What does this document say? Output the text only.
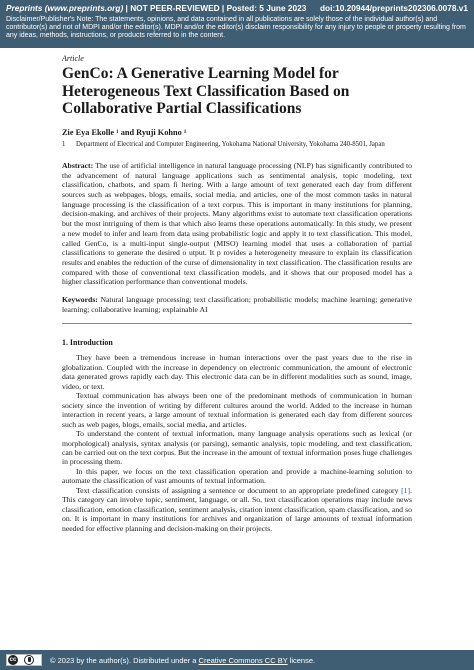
Preprints (www.preprints.org) | NOT PEER-REVIEWED | Posted: 5 June 2023 doi:10.20944/preprints202306.0078.v1
Disclaimer/Publisher's Note: The statements, opinions, and data contained in all publications are solely those of the individual author(s) and contributor(s) and not of MDPI and/or the editor(s). MDPI and/or the editor(s) disclaim responsibility for any injury to people or property resulting from any ideas, methods, instructions, or products referred to in the content.

Article

GenCo: A Generative Learning Model for Heterogeneous Text Classification Based on Collaborative Partial Classifications

Zie Eya Ekolle ¹ and Ryuji Kohno ¹

1	Department of Electrical and Computer Engineering, Yokohama National University, Yokohama 240-8501, Japan

Abstract: The use of artificial intelligence in natural language processing (NLP) has significantly contributed to the advancement of natural language applications such as sentimental analysis, topic modeling, text classification, chatbots, and spam fi ltering. With a large amount of text generated each day from different sources such as webpages, blogs, emails, social media, and articles, one of the most common tasks in natural language processing is the classification of a text corpus. This is important in many institutions for planning, decision-making, and archives of their projects. Many algorithms exist to automate text classification operations but the most intriguing of them is that which also learns these operations automatically. In this study, we present a new model to infer and learn from data using probabilistic logic and apply it to text classification. This model, called GenCo, is a multi-input single-output (MISO) learning model that uses a collaboration of partial classifications to generate the desired o utput. It p rovides a heterogeneity measure to explain its classification results and enables the reduction of the curse of dimensionality in text classification. The classification results are compared with those of conventional text classification models, and it shows that our proposed model has a higher classification performance than conventional models.

Keywords: Natural language processing; text classification; probabilistic models; machine learning; generative learning; collaborative learning; explainable AI

1. Introduction

They have been a tremendous increase in human interactions over the past years due to the rise in globalization. Coupled with the increase in dependency on electronic communication, the amount of electronic data generated grows rapidly each day. This electronic data can be in different modalities such as sound, image, video, or text.

Textual communication has always been one of the predominant methods of communication in human society since the invention of writing by different cultures around the world. Added to the increase in human interaction in recent years, a large amount of textual information is generated each day from different sources such as web pages, blogs, emails, social media, and articles.

To understand the content of textual information, many language analysis operations such as lexical (or morphological) analysis, syntax analysis (or parsing), semantic analysis, topic modeling, and text classification, can be carried out on the text corpus. But the increase in the amount of textual information poses huge challenges in processing them.

In this paper, we focus on the text classification operation and provide a machine-learning solution to automate the classification of vast amounts of textual information.

Text classification consists of assigning a sentence or document to an appropriate predefined category [1]. This category can involve topic, sentiment, language, or all. So, text classification operations may include news classification, emotion classification, sentiment analysis, citation intent classification, spam classification, and so on. It is important in many institutions for archives and organization of large amounts of textual information needed for effective planning and decision-making on their projects.

cc	© 2023 by the author(s). Distributed under a Creative Commons CC BY license.
